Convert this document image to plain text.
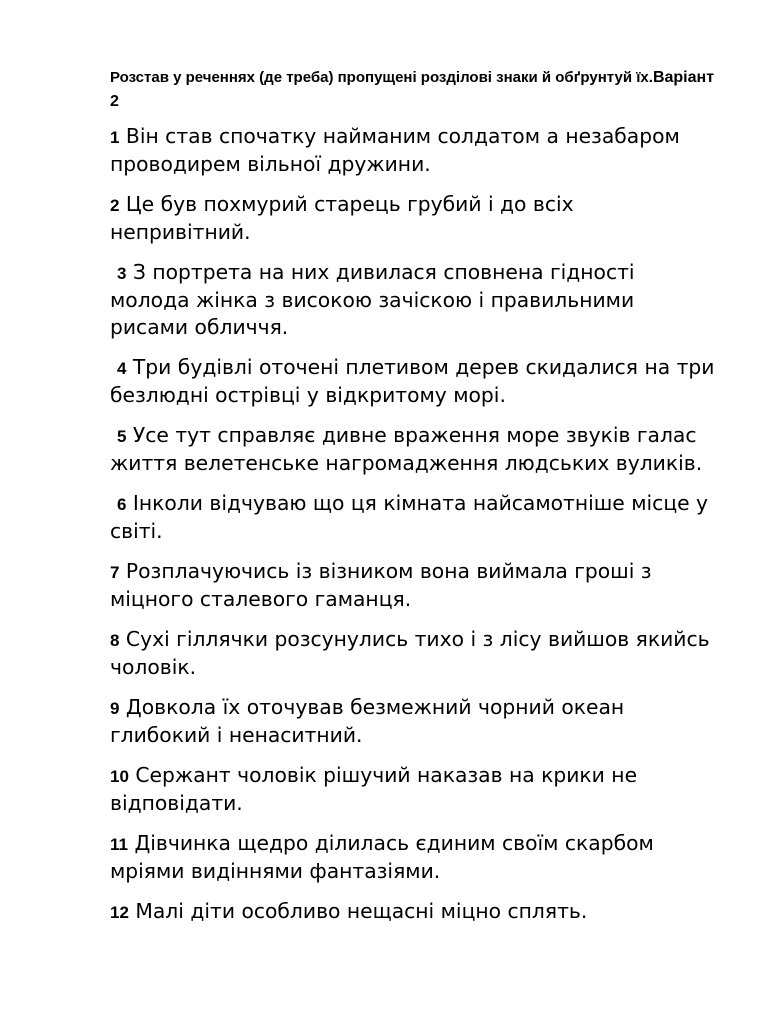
Розстав у реченнях (де треба) пропущені розділові знаки й обґрунтуй їх.Варіант 2
1 Він став спочатку найманим солдатом а незабаром проводирем вільної дружини.
2 Це був похмурий старець грубий і до всіх непривітний.
3 З портрета на них дивилася сповнена гідності молода жінка з високою зачіскою і правильними рисами обличчя.
4 Три будівлі оточені плетивом дерев скидалися на три безлюдні острівці у відкритому морі.
5 Усе тут справляє дивне враження море звуків галас життя велетенське нагромадження людських вуликів.
6 Інколи відчуваю що ця кімната найсамотніше місце у світі.
7 Розплачуючись із візником вона виймала гроші з міцного сталевого гаманця.
8 Сухі гіллячки розсунулись тихо і з лісу вийшов якийсь чоловік.
9 Довкола їх оточував безмежний чорний океан глибокий і ненаситний.
10 Сержант чоловік рішучий наказав на крики не відповідати.
11 Дівчинка щедро ділилась єдиним своїм скарбом мріями видіннями фантазіями.
12 Малі діти особливо нещасні міцно сплять.
